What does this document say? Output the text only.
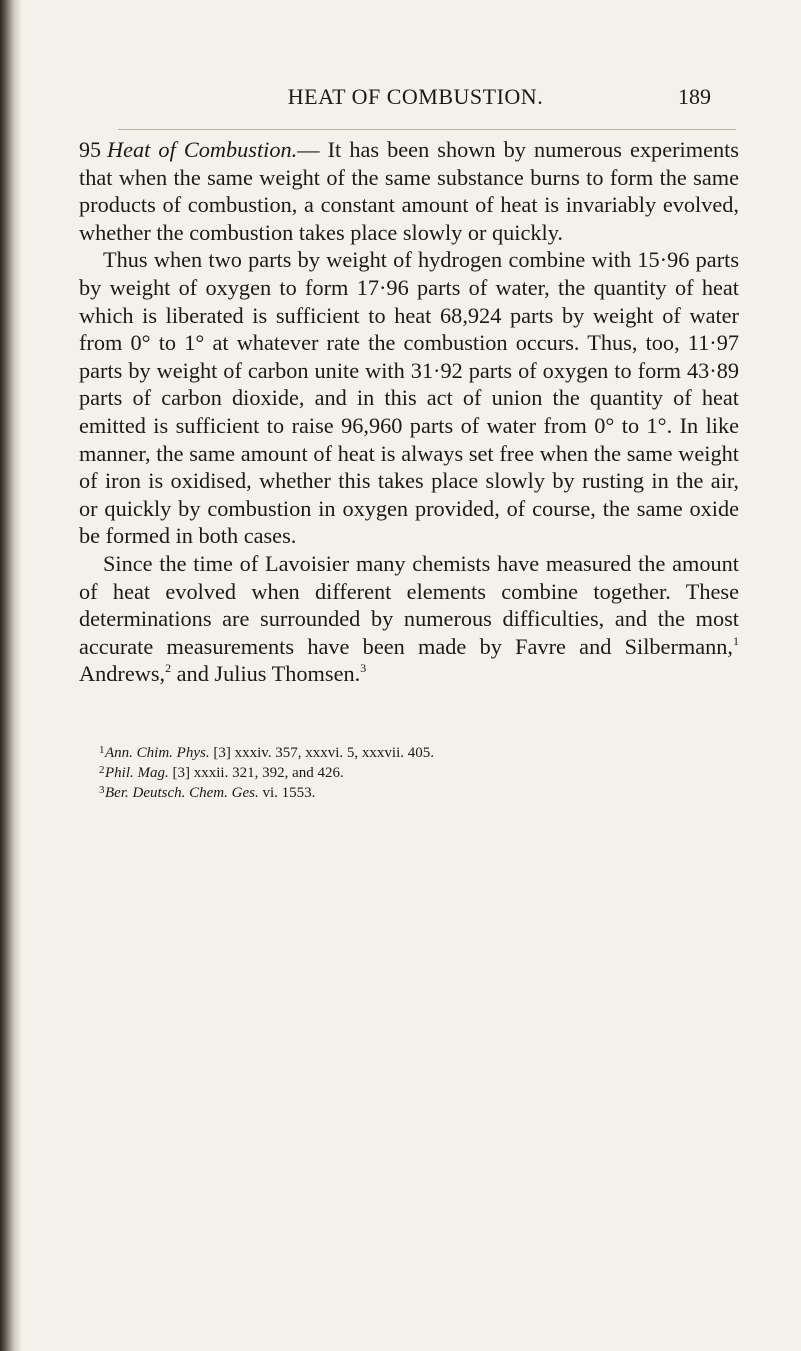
HEAT OF COMBUSTION.	189

95 Heat of Combustion.— It has been shown by numerous experiments that when the same weight of the same substance burns to form the same products of combustion, a constant amount of heat is invariably evolved, whether the combustion takes place slowly or quickly.

Thus when two parts by weight of hydrogen combine with 15·96 parts by weight of oxygen to form 17·96 parts of water, the quantity of heat which is liberated is sufficient to heat 68,924 parts by weight of water from 0° to 1° at whatever rate the combustion occurs. Thus, too, 11·97 parts by weight of carbon unite with 31·92 parts of oxygen to form 43·89 parts of carbon dioxide, and in this act of union the quantity of heat emitted is sufficient to raise 96,960 parts of water from 0° to 1°. In like manner, the same amount of heat is always set free when the same weight of iron is oxidised, whether this takes place slowly by rusting in the air, or quickly by combustion in oxygen provided, of course, the same oxide be formed in both cases.

Since the time of Lavoisier many chemists have measured the amount of heat evolved when different elements combine together. These determinations are surrounded by numerous difficulties, and the most accurate measurements have been made by Favre and Silbermann,$^1$ Andrews,$^2$ and Julius Thomsen.$^3$

1 Ann. Chim. Phys. [3] xxxiv. 357, xxxvi. 5, xxxvii. 405.
2 Phil. Mag. [3] xxxii. 321, 392, and 426.
3 Ber. Deutsch. Chem. Ges. vi. 1553.
